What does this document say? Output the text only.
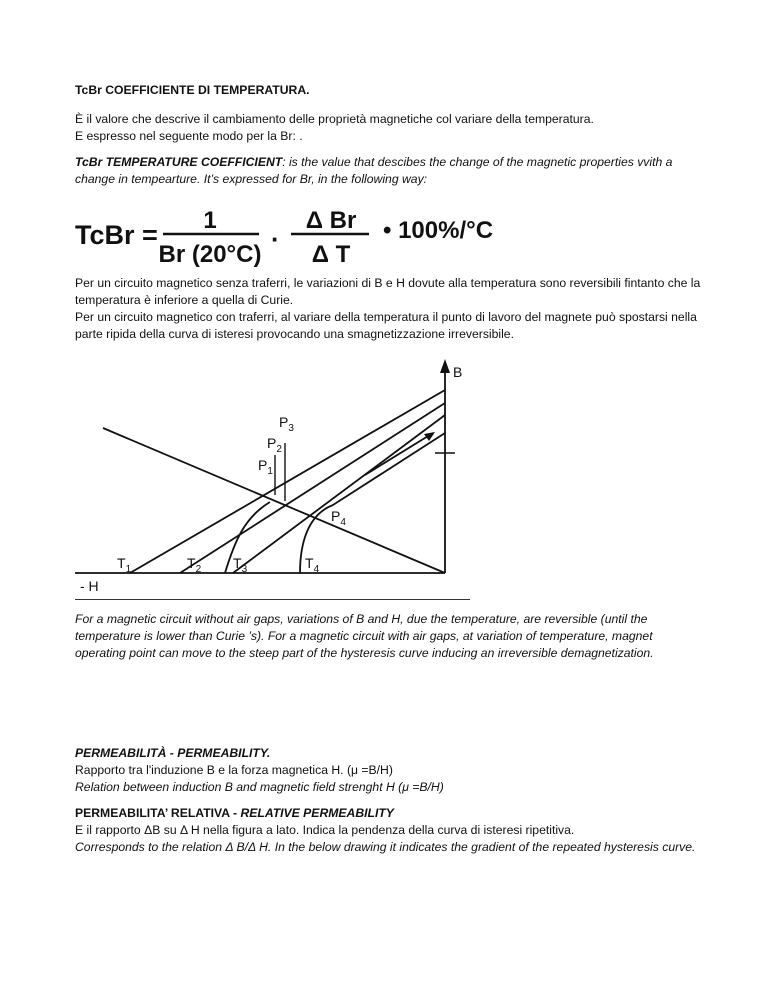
TcBr COEFFICIENTE DI TEMPERATURA.

È il valore che descrive il cambiamento delle proprietà magnetiche col variare della temperatura.

E espresso nel seguente modo per la Br: .

TcBr TEMPERATURE COEFFICIENT: is the value that descibes the change of the magnetic properties vvith a change in tempearture. It’s expressed for Br, in the following way:

TcBr = 1
Br (20°C)
·
Δ Br
Δ T
• 100%/°C

Per un circuito magnetico senza traferri, le variazioni di B e H dovute alla temperatura sono reversibili fintanto che la temperatura è inferiore a quella di Curie.

Per un circuito magnetico con traferri, al variare della temperatura il punto di lavoro del magnete può spostarsi nella parte ripida della curva di isteresi provocando una smagnetizzazione irreversibile.

B
- H
$P_1$
$P_2$
$P_3$
$P_4$
$T_1$	$T_2$ $T_3$	$T_4$

For a magnetic circuit without air gaps, variations of B and H, due the temperature, are reversible (until the temperature is lower than Curie ’s). For a magnetic circuit with air gaps, at variation of temperature, magnet operating point can move to the steep part of the hysteresis curve inducing an irreversible demagnetization.

PERMEABILITÀ - PERMEABILITY.

Rapporto tra l'induzione B e la forza magnetica H. (μ =B/H)

Relation between induction B and magnetic field strenght H (μ =B/H)

PERMEABILITA’ RELATIVA - RELATIVE PERMEABILITY

E il rapporto ΔB su Δ H nella figura a lato. Indica la pendenza della curva di isteresi ripetitiva.

Corresponds to the relation Δ B/Δ H. In the below drawing it indicates the gradient of the repeated hysteresis curve.
